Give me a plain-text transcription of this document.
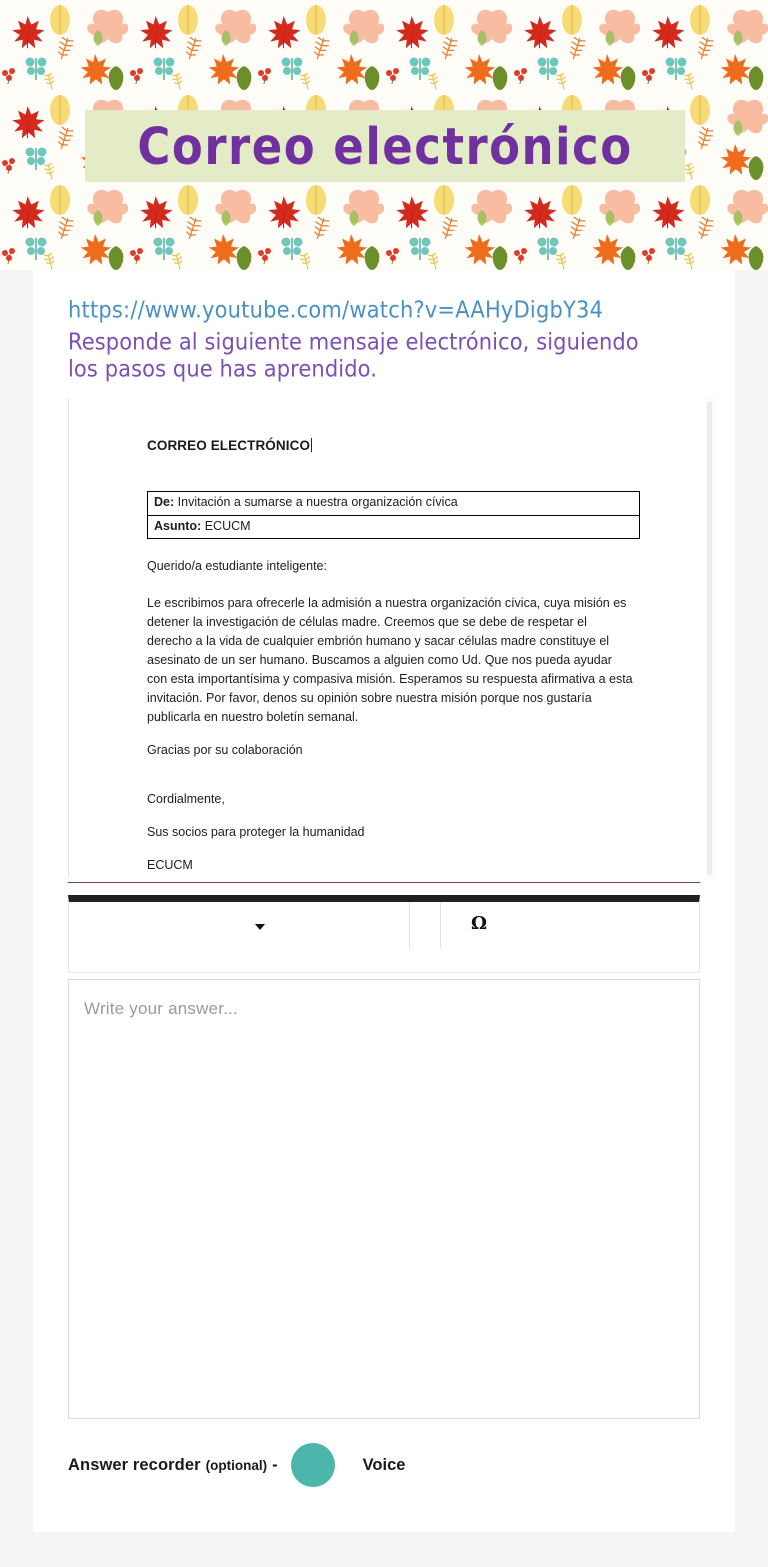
Correo electrónico
https://www.youtube.com/watch?v=AAHyDigbY34
Responde al siguiente mensaje electrónico, siguiendo
los pasos que has aprendido.
CORREO ELECTRÓNICO
De: Invitación a sumarse a nuestra organización cívica
Asunto: ECUCM
Querido/a estudiante inteligente:
Le escribimos para ofrecerle la admisión a nuestra organización cívica, cuya misión es detener la investigación de células madre. Creemos que se debe de respetar el derecho a la vida de cualquier embrión humano y sacar células madre constituye el asesinato de un ser humano. Buscamos a alguien como Ud. Que nos pueda ayudar con esta importantísima y compasiva misión. Esperamos su respuesta afirmativa a esta invitación. Por favor, denos su opinión sobre nuestra misión porque nos gustaría publicarla en nuestro boletín semanal.
Gracias por su colaboración
Cordialmente,
Sus socios para proteger la humanidad
ECUCM
Ω
Write your answer...
Answer recorder (optional) -	Voice
